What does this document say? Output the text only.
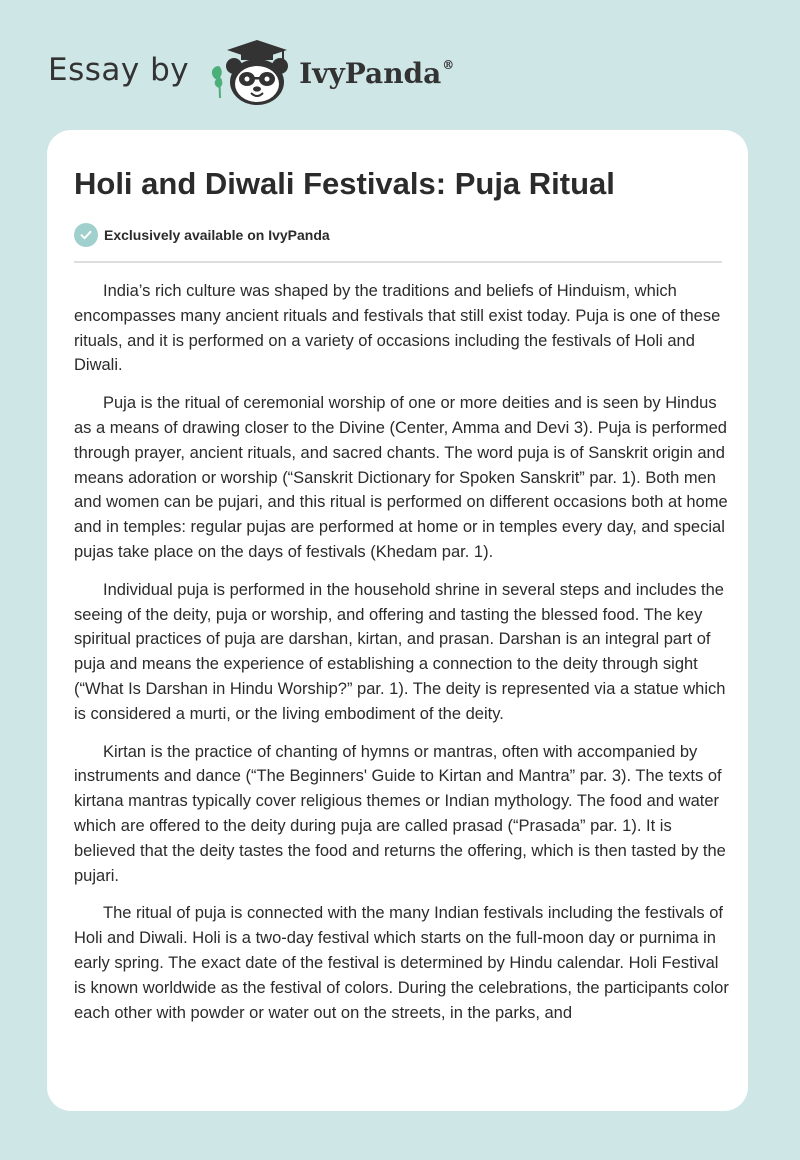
Essay by	IvyPanda®
Holi and Diwali Festivals: Puja Ritual
Exclusively available on IvyPanda

India’s rich culture was shaped by the traditions and beliefs of Hinduism, which encompasses many ancient rituals and festivals that still exist today. Puja is one of these rituals, and it is performed on a variety of occasions including the festivals of Holi and Diwali.

Puja is the ritual of ceremonial worship of one or more deities and is seen by Hindus as a means of drawing closer to the Divine (Center, Amma and Devi 3). Puja is performed through prayer, ancient rituals, and sacred chants. The word puja is of Sanskrit origin and means adoration or worship (“Sanskrit Dictionary for Spoken Sanskrit” par. 1). Both men and women can be pujari, and this ritual is performed on different occasions both at home and in temples: regular pujas are performed at home or in temples every day, and special pujas take place on the days of festivals (Khedam par. 1).

Individual puja is performed in the household shrine in several steps and includes the seeing of the deity, puja or worship, and offering and tasting the blessed food. The key spiritual practices of puja are darshan, kirtan, and prasan. Darshan is an integral part of puja and means the experience of establishing a connection to the deity through sight (“What Is Darshan in Hindu Worship?” par. 1). The deity is represented via a statue which is considered a murti, or the living embodiment of the deity.

Kirtan is the practice of chanting of hymns or mantras, often with accompanied by instruments and dance (“The Beginners' Guide to Kirtan and Mantra” par. 3). The texts of kirtana mantras typically cover religious themes or Indian mythology. The food and water which are offered to the deity during puja are called prasad (“Prasada” par. 1). It is believed that the deity tastes the food and returns the offering, which is then tasted by the pujari.

The ritual of puja is connected with the many Indian festivals including the festivals of Holi and Diwali. Holi is a two-day festival which starts on the full-moon day or purnima in early spring. The exact date of the festival is determined by Hindu calendar. Holi Festival is known worldwide as the festival of colors. During the celebrations, the participants color each other with powder or water out on the streets, in the parks, and
